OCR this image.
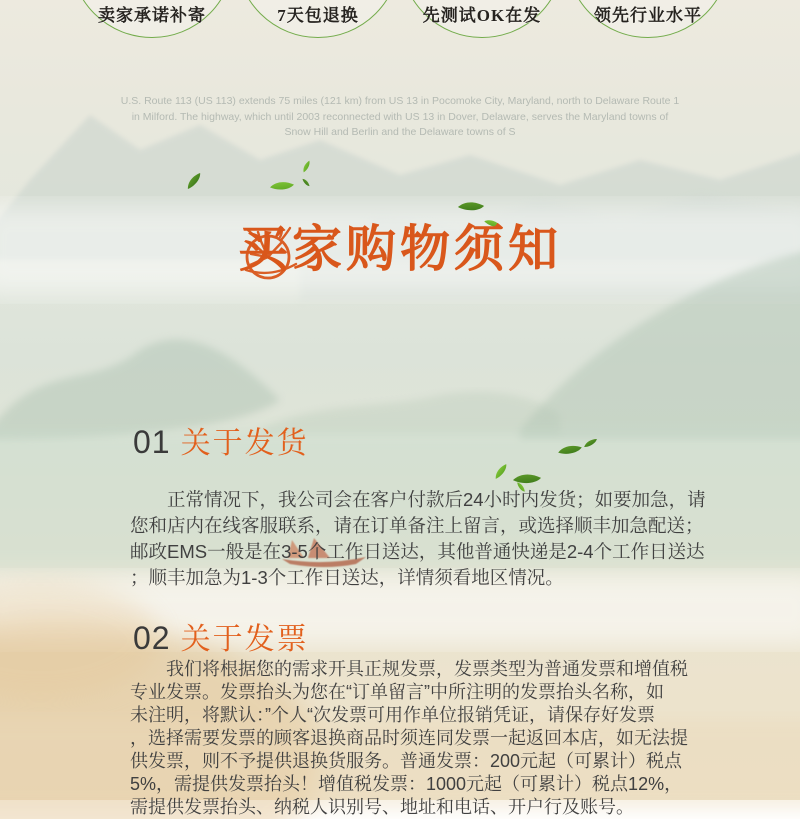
卖家承诺补寄	7天包退换	先测试OK在发	领先行业水平

U.S. Route 113 (US 113) extends 75 miles (121 km) from US 13 in Pocomoke City, Maryland, north to Delaware Route 1 in Milford. The highway, which until 2003 reconnected with US 13 in Dover, Delaware, serves the Maryland towns of Snow Hill and Berlin and the Delaware towns of S

买家购物须知
01 关于发货
正常情况下，我公司会在客户付款后24小时内发货；如要加急，请
您和店内在线客服联系，请在订单备注上留言，或选择顺丰加急配送；
邮政EMS一般是在3-5个工作日送达，其他普通快递是2-4个工作日送达
；顺丰加急为1-3个工作日送达，详情须看地区情况。
02 关于发票
我们将根据您的需求开具正规发票，发票类型为普通发票和增值税
专业发票。发票抬头为您在“订单留言”中所注明的发票抬头名称，如
未注明，将默认：”个人“次发票可用作单位报销凭证，请保存好发票
，选择需要发票的顾客退换商品时须连同发票一起返回本店，如无法提
供发票，则不予提供退换货服务。普通发票：200元起（可累计）税点
5%，需提供发票抬头！增值税发票：1000元起（可累计）税点12%，
需提供发票抬头、纳税人识别号、地址和电话、开户行及账号。
